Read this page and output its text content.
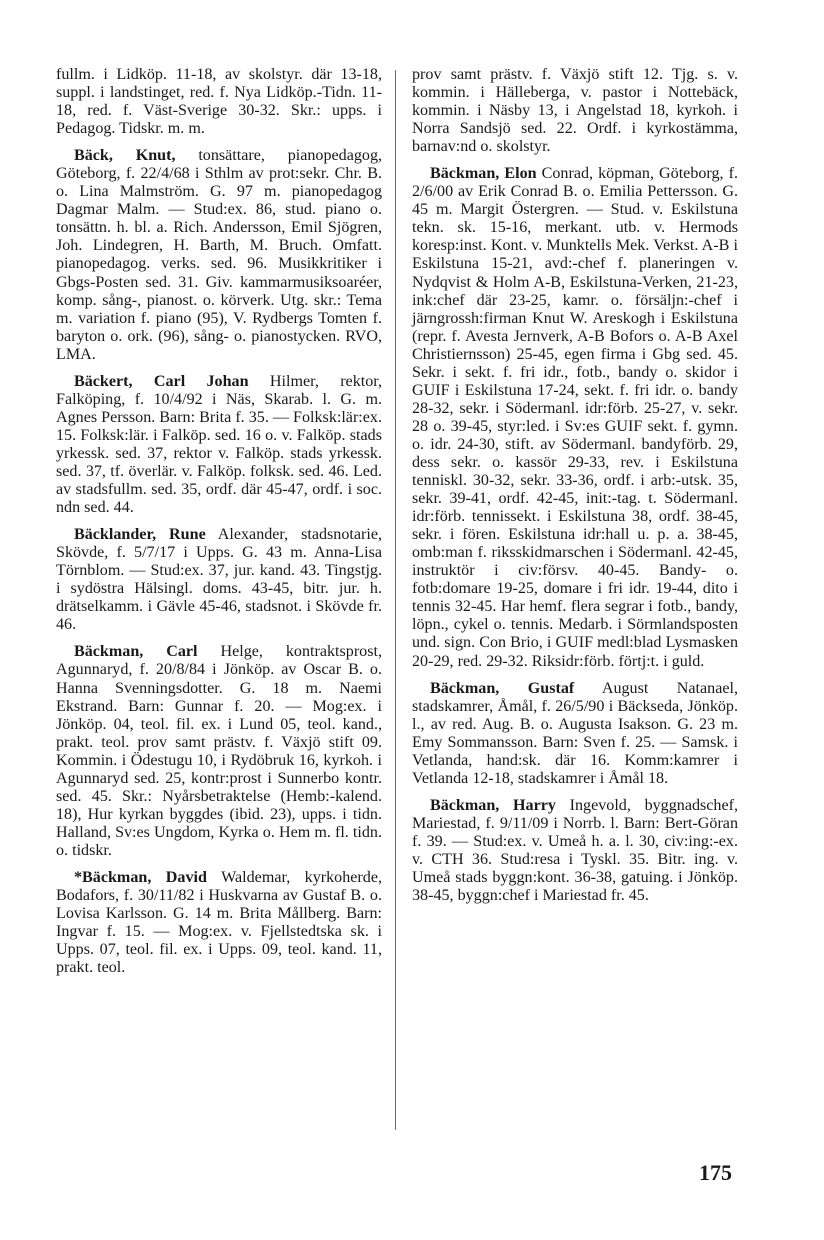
fullm. i Lidköp. 11-18, av skolstyr. där 13-18, suppl. i landstinget, red. f. Nya Lidköp.-Tidn. 11-18, red. f. Väst-Sverige 30-32. Skr.: upps. i Pedagog. Tidskr. m. m.

Bäck, Knut, tonsättare, pianopedagog, Göteborg, f. 22/4/68 i Sthlm av prot:sekr. Chr. B. o. Lina Malmström. G. 97 m. pianopedagog Dagmar Malm. — Stud:ex. 86, stud. piano o. tonsättn. h. bl. a. Rich. Andersson, Emil Sjögren, Joh. Lindegren, H. Barth, M. Bruch. Omfatt. pianopedagog. verks. sed. 96. Musikkritiker i Gbgs-Posten sed. 31. Giv. kammarmusiksoaréer, komp. sång-, pianost. o. körverk. Utg. skr.: Tema m. variation f. piano (95), V. Rydbergs Tomten f. baryton o. ork. (96), sång- o. pianostycken. RVO, LMA.

Bäckert, Carl Johan Hilmer, rektor, Falköping, f. 10/4/92 i Näs, Skarab. l. G. m. Agnes Persson. Barn: Brita f. 35. — Folksk:lär:ex. 15. Folksk:lär. i Falköp. sed. 16 o. v. Falköp. stads yrkessk. sed. 37, rektor v. Falköp. stads yrkessk. sed. 37, tf. överlär. v. Falköp. folksk. sed. 46. Led. av stadsfullm. sed. 35, ordf. där 45-47, ordf. i soc. ndn sed. 44.

Bäcklander, Rune Alexander, stadsnotarie, Skövde, f. 5/7/17 i Upps. G. 43 m. Anna-Lisa Törnblom. — Stud:ex. 37, jur. kand. 43. Tingstjg. i sydöstra Hälsingl. doms. 43-45, bitr. jur. h. drätselkamm. i Gävle 45-46, stadsnot. i Skövde fr. 46.

Bäckman, Carl Helge, kontraktsprost, Agunnaryd, f. 20/8/84 i Jönköp. av Oscar B. o. Hanna Svenningsdotter. G. 18 m. Naemi Ekstrand. Barn: Gunnar f. 20. — Mog:ex. i Jönköp. 04, teol. fil. ex. i Lund 05, teol. kand., prakt. teol. prov samt prästv. f. Växjö stift 09. Kommin. i Ödestugu 10, i Rydöbruk 16, kyrkoh. i Agunnaryd sed. 25, kontr:prost i Sunnerbo kontr. sed. 45. Skr.: Nyårsbetraktelse (Hemb:-kalend. 18), Hur kyrkan byggdes (ibid. 23), upps. i tidn. Halland, Sv:es Ungdom, Kyrka o. Hem m. fl. tidn. o. tidskr.

*Bäckman, David Waldemar, kyrkoherde, Bodafors, f. 30/11/82 i Huskvarna av Gustaf B. o. Lovisa Karlsson. G. 14 m. Brita Mållberg. Barn: Ingvar f. 15. — Mog:ex. v. Fjellstedtska sk. i Upps. 07, teol. fil. ex. i Upps. 09, teol. kand. 11, prakt. teol.

prov samt prästv. f. Växjö stift 12. Tjg. s. v. kommin. i Hälleberga, v. pastor i Nottebäck, kommin. i Näsby 13, i Angelstad 18, kyrkoh. i Norra Sandsjö sed. 22. Ordf. i kyrkostämma, barnav:nd o. skolstyr.

Bäckman, Elon Conrad, köpman, Göteborg, f. 2/6/00 av Erik Conrad B. o. Emilia Pettersson. G. 45 m. Margit Östergren. — Stud. v. Eskilstuna tekn. sk. 15-16, merkant. utb. v. Hermods koresp:inst. Kont. v. Munktells Mek. Verkst. A-B i Eskilstuna 15-21, avd:-chef f. planeringen v. Nydqvist & Holm A-B, Eskilstuna-Verken, 21-23, ink:chef där 23-25, kamr. o. försäljn:-chef i järngrossh:firman Knut W. Areskogh i Eskilstuna (repr. f. Avesta Jernverk, A-B Bofors o. A-B Axel Christiernsson) 25-45, egen firma i Gbg sed. 45. Sekr. i sekt. f. fri idr., fotb., bandy o. skidor i GUIF i Eskilstuna 17-24, sekt. f. fri idr. o. bandy 28-32, sekr. i Södermanl. idr:förb. 25-27, v. sekr. 28 o. 39-45, styr:led. i Sv:es GUIF sekt. f. gymn. o. idr. 24-30, stift. av Södermanl. bandyförb. 29, dess sekr. o. kassör 29-33, rev. i Eskilstuna tenniskl. 30-32, sekr. 33-36, ordf. i arb:-utsk. 35, sekr. 39-41, ordf. 42-45, init:-tag. t. Södermanl. idr:förb. tennissekt. i Eskilstuna 38, ordf. 38-45, sekr. i fören. Eskilstuna idr:hall u. p. a. 38-45, omb:man f. riksskidmarschen i Södermanl. 42-45, instruktör i civ:försv. 40-45. Bandy- o. fotb:domare 19-25, domare i fri idr. 19-44, dito i tennis 32-45. Har hemf. flera segrar i fotb., bandy, löpn., cykel o. tennis. Medarb. i Sörmlandsposten und. sign. Con Brio, i GUIF medl:blad Lysmasken 20-29, red. 29-32. Riksidr:förb. förtj:t. i guld.

Bäckman, Gustaf August Natanael, stadskamrer, Åmål, f. 26/5/90 i Bäckseda, Jönköp. l., av red. Aug. B. o. Augusta Isakson. G. 23 m. Emy Sommansson. Barn: Sven f. 25. — Samsk. i Vetlanda, hand:sk. där 16. Komm:kamrer i Vetlanda 12-18, stadskamrer i Åmål 18.

Bäckman, Harry Ingevold, byggnadschef, Mariestad, f. 9/11/09 i Norrb. l. Barn: Bert-Göran f. 39. — Stud:ex. v. Umeå h. a. l. 30, civ:ing:-ex. v. CTH 36. Stud:resa i Tyskl. 35. Bitr. ing. v. Umeå stads byggn:kont. 36-38, gatuing. i Jönköp. 38-45, byggn:chef i Mariestad fr. 45.

175
